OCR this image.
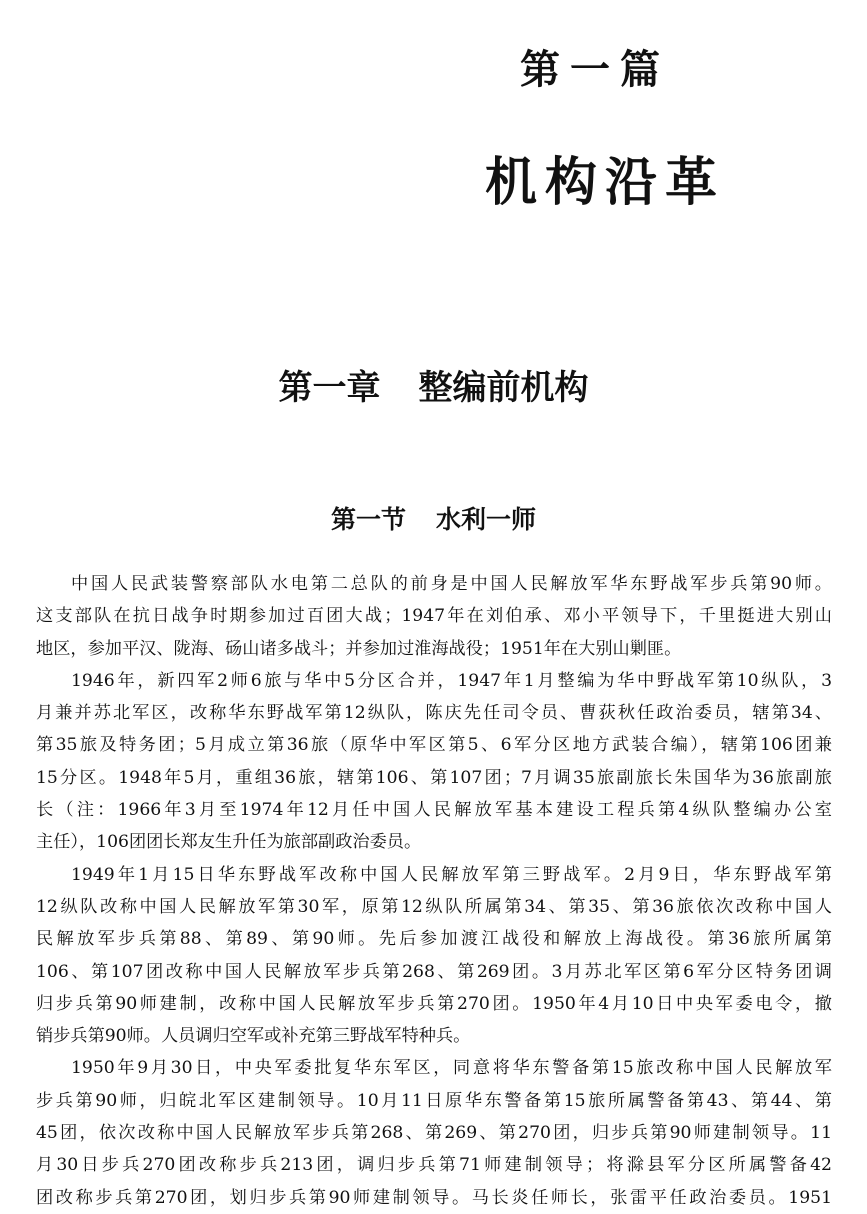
第一篇
机构沿革
第一章 整编前机构
第一节 水利一师
中国人民武装警察部队水电第二总队的前身是中国人民解放军华东野战军步兵第90师。
这支部队在抗日战争时期参加过百团大战；1947年在刘伯承、邓小平领导下，千里挺进大别山
地区，参加平汉、陇海、砀山诸多战斗；并参加过淮海战役；1951年在大别山剿匪。
1946年，新四军2师6旅与华中5分区合并，1947年1月整编为华中野战军第10纵队，3
月兼并苏北军区，改称华东野战军第12纵队，陈庆先任司令员、曹荻秋任政治委员，辖第34、
第35旅及特务团；5月成立第36旅（原华中军区第5、6军分区地方武装合编），辖第106团兼
15分区。1948年5月，重组36旅，辖第106、第107团；7月调35旅副旅长朱国华为36旅副旅
长（注：1966年3月至1974年12月任中国人民解放军基本建设工程兵第4纵队整编办公室
主任），106团团长郑友生升任为旅部副政治委员。
1949年1月15日华东野战军改称中国人民解放军第三野战军。2月9日，华东野战军第
12纵队改称中国人民解放军第30军，原第12纵队所属第34、第35、第36旅依次改称中国人
民解放军步兵第88、第89、第90师。先后参加渡江战役和解放上海战役。第36旅所属第
106、第107团改称中国人民解放军步兵第268、第269团。3月苏北军区第6军分区特务团调
归步兵第90师建制，改称中国人民解放军步兵第270团。1950年4月10日中央军委电令，撤
销步兵第90师。人员调归空军或补充第三野战军特种兵。
1950年9月30日，中央军委批复华东军区，同意将华东警备第15旅改称中国人民解放军
步兵第90师，归皖北军区建制领导。10月11日原华东警备第15旅所属警备第43、第44、第
45团，依次改称中国人民解放军步兵第268、第269、第270团，归步兵第90师建制领导。11
月30日步兵270团改称步兵213团，调归步兵第71师建制领导；将滁县军分区所属警备42
团改称步兵第270团，划归步兵第90师建制领导。马长炎任师长，张雷平任政治委员。1951
